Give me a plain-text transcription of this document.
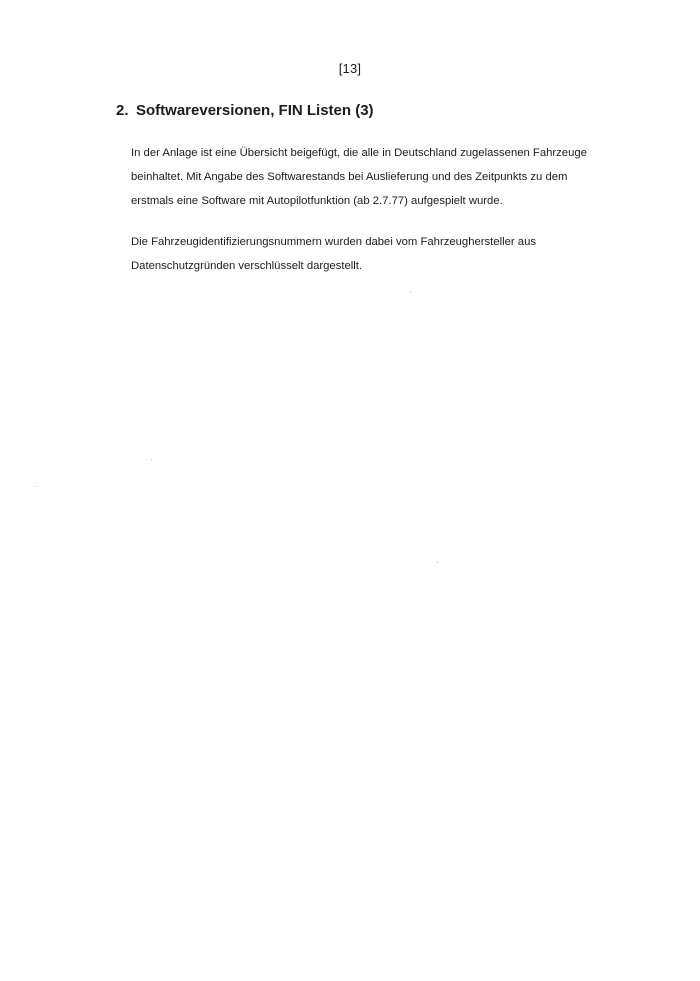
[13]
2. Softwareversionen, FIN Listen (3)
In der Anlage ist eine Übersicht beigefügt, die alle in Deutschland zugelassenen Fahrzeuge
beinhaltet. Mit Angabe des Softwarestands bei Auslieferung und des Zeitpunkts zu dem
erstmals eine Software mit Autopilotfunktion (ab 2.7.77) aufgespielt wurde.
Die Fahrzeugidentifizierungsnummern wurden dabei vom Fahrzeughersteller aus
Datenschutzgründen verschlüsselt dargestellt.
